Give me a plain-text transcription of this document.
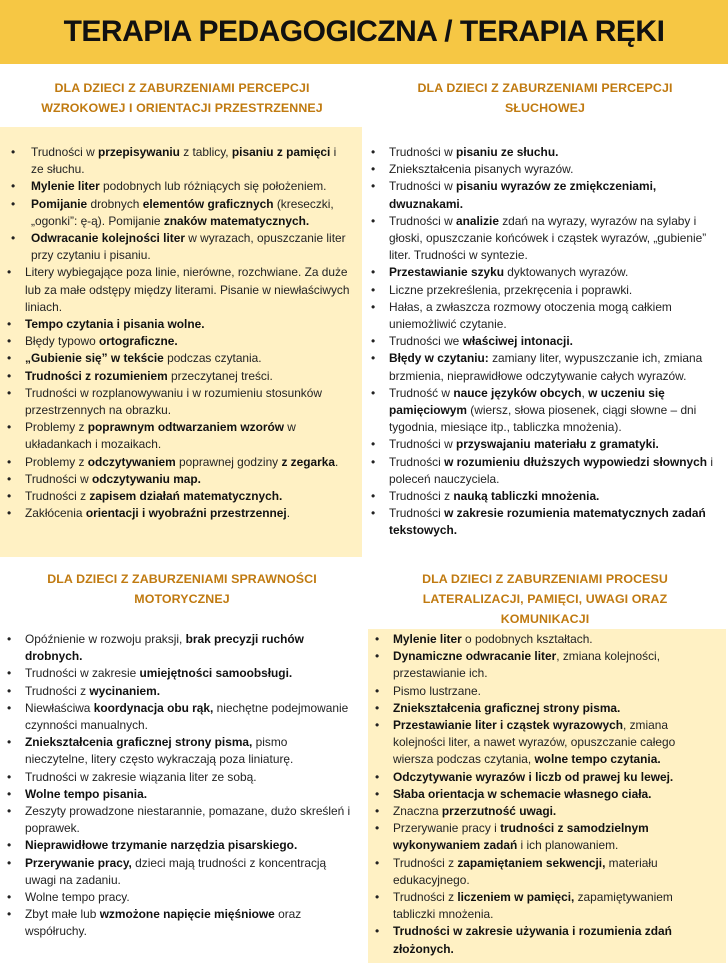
TERAPIA PEDAGOGICZNA / TERAPIA RĘKI
DLA DZIECI Z ZABURZENIAMI PERCEPCJI
WZROKOWEJ I ORIENTACJI PRZESTRZENNEJ
DLA DZIECI Z ZABURZENIAMI PERCEPCJI
SŁUCHOWEJ
DLA DZIECI Z ZABURZENIAMI SPRAWNOŚCI
MOTORYCZNEJ
DLA DZIECI Z ZABURZENIAMI PROCESU
LATERALIZACJI, PAMIĘCI, UWAGI ORAZ
KOMUNIKACJI
• Trudności w przepisywaniu z tablicy, pisaniu z pamięci i ze słuchu.
• Mylenie liter podobnych lub różniących się położeniem.
• Pomijanie drobnych elementów graficznych (kreseczki, „ogonki”: ę-ą). Pomijanie znaków matematycznych.
• Odwracanie kolejności liter w wyrazach, opuszczanie liter przy czytaniu i pisaniu.
• Litery wybiegające poza linie, nierówne, rozchwiane. Za duże lub za małe odstępy między literami. Pisanie w niewłaściwych liniach.
• Tempo czytania i pisania wolne.
• Błędy typowo ortograficzne.
• „Gubienie się” w tekście podczas czytania.
• Trudności z rozumieniem przeczytanej treści.
• Trudności w rozplanowywaniu i w rozumieniu stosunków przestrzennych na obrazku.
• Problemy z poprawnym odtwarzaniem wzorów w układankach i mozaikach.
• Problemy z odczytywaniem poprawnej godziny z zegarka.
• Trudności w odczytywaniu map.
• Trudności z zapisem działań matematycznych.
• Zakłócenia orientacji i wyobraźni przestrzennej.
• Trudności w pisaniu ze słuchu.
• Zniekształcenia pisanych wyrazów.
• Trudności w pisaniu wyrazów ze zmiękczeniami, dwuznakami.
• Trudności w analizie zdań na wyrazy, wyrazów na sylaby i głoski, opuszczanie końcówek i cząstek wyrazów, „gubienie” liter. Trudności w syntezie.
• Przestawianie szyku dyktowanych wyrazów.
• Liczne przekreślenia, przekręcenia i poprawki.
• Hałas, a zwłaszcza rozmowy otoczenia mogą całkiem uniemożliwić czytanie.
• Trudności we właściwej intonacji.
• Błędy w czytaniu: zamiany liter, wypuszczanie ich, zmiana brzmienia, nieprawidłowe odczytywanie całych wyrazów.
• Trudność w nauce języków obcych, w uczeniu się pamięciowym (wiersz, słowa piosenek, ciągi słowne – dni tygodnia, miesiące itp., tabliczka mnożenia).
• Trudności w przyswajaniu materiału z gramatyki.
• Trudności w rozumieniu dłuższych wypowiedzi słownych i poleceń nauczyciela.
• Trudności z nauką tabliczki mnożenia.
• Trudności w zakresie rozumienia matematycznych zadań tekstowych.
• Opóźnienie w rozwoju praksji, brak precyzji ruchów drobnych.
• Trudności w zakresie umiejętności samoobsługi.
• Trudności z wycinaniem.
• Niewłaściwa koordynacja obu rąk, niechętne podejmowanie czynności manualnych.
• Zniekształcenia graficznej strony pisma, pismo nieczytelne, litery często wykraczają poza liniaturę.
• Trudności w zakresie wiązania liter ze sobą.
• Wolne tempo pisania.
• Zeszyty prowadzone niestarannie, pomazane, dużo skreśleń i poprawek.
• Nieprawidłowe trzymanie narzędzia pisarskiego.
• Przerywanie pracy, dzieci mają trudności z koncentracją uwagi na zadaniu.
• Wolne tempo pracy.
• Zbyt małe lub wzmożone napięcie mięśniowe oraz współruchy.
• Mylenie liter o podobnych kształtach.
• Dynamiczne odwracanie liter, zmiana kolejności, przestawianie ich.
• Pismo lustrzane.
• Zniekształcenia graficznej strony pisma.
• Przestawianie liter i cząstek wyrazowych, zmiana kolejności liter, a nawet wyrazów, opuszczanie całego wiersza podczas czytania, wolne tempo czytania.
• Odczytywanie wyrazów i liczb od prawej ku lewej.
• Słaba orientacja w schemacie własnego ciała.
• Znaczna przerzutność uwagi.
• Przerywanie pracy i trudności z samodzielnym wykonywaniem zadań i ich planowaniem.
• Trudności z zapamiętaniem sekwencji, materiału edukacyjnego.
• Trudności z liczeniem w pamięci, zapamiętywaniem tabliczki mnożenia.
• Trudności w zakresie używania i rozumienia zdań złożonych.
